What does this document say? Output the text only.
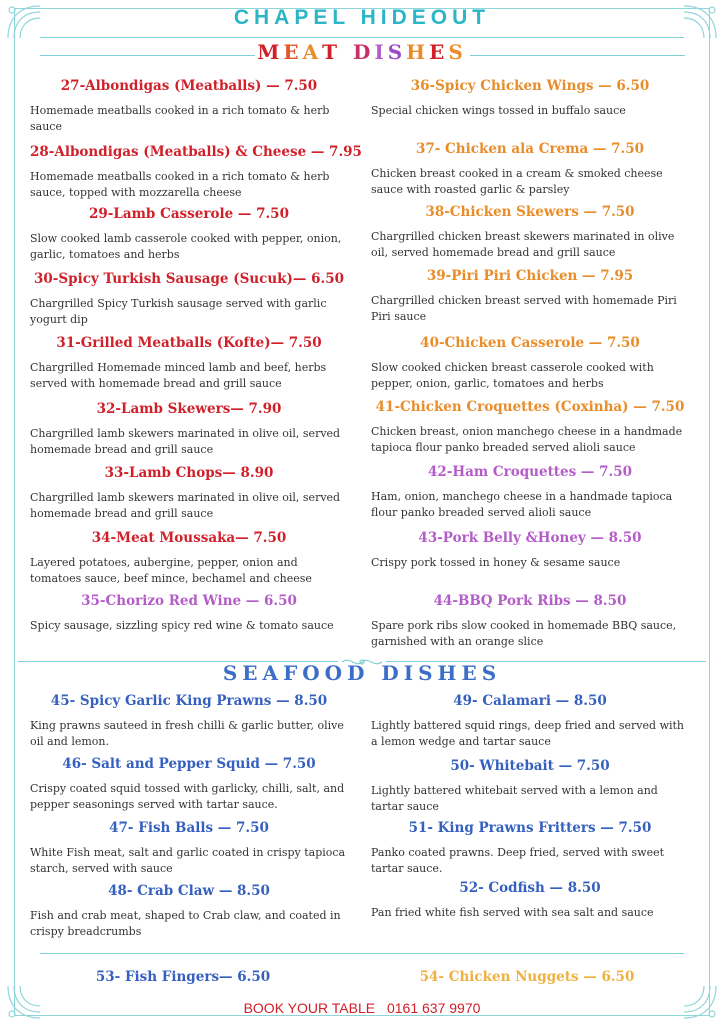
CHAPEL HIDEOUT
MEAT DISHES
27-Albondigas (Meatballs) — 7.50
Homemade meatballs cooked in a rich tomato & herb sauce
28-Albondigas (Meatballs) & Cheese — 7.95
Homemade meatballs cooked in a rich tomato & herb sauce, topped with mozzarella cheese
29-Lamb Casserole — 7.50
Slow cooked lamb casserole cooked with pepper, onion, garlic, tomatoes and herbs
30-Spicy Turkish Sausage (Sucuk)— 6.50
Chargrilled Spicy Turkish sausage served with garlic yogurt dip
31-Grilled Meatballs (Kofte)— 7.50
Chargrilled Homemade minced lamb and beef, herbs served with homemade bread and grill sauce
32-Lamb Skewers— 7.90
Chargrilled lamb skewers marinated in olive oil, served homemade bread and grill sauce
33-Lamb Chops— 8.90
Chargrilled lamb skewers marinated in olive oil, served homemade bread and grill sauce
34-Meat Moussaka— 7.50
Layered potatoes, aubergine, pepper, onion and tomatoes sauce, beef mince, bechamel and cheese
35-Chorizo Red Wine — 6.50
Spicy sausage, sizzling spicy red wine & tomato sauce
36-Spicy Chicken Wings — 6.50
Special chicken wings tossed in buffalo sauce
37- Chicken ala Crema — 7.50
Chicken breast cooked in a cream & smoked cheese sauce with roasted garlic & parsley
38-Chicken Skewers — 7.50
Chargrilled chicken breast skewers marinated in olive oil, served homemade bread and grill sauce
39-Piri Piri Chicken — 7.95
Chargrilled chicken breast served with homemade Piri Piri sauce
40-Chicken Casserole — 7.50
Slow cooked chicken breast casserole cooked with pepper, onion, garlic, tomatoes and herbs
41-Chicken Croquettes (Coxinha) — 7.50
Chicken breast, onion manchego cheese in a handmade tapioca flour panko breaded served alioli sauce
42-Ham Croquettes — 7.50
Ham, onion, manchego cheese in a handmade tapioca flour panko breaded served alioli sauce
43-Pork Belly &Honey — 8.50
Crispy pork tossed in honey & sesame sauce
44-BBQ Pork Ribs — 8.50
Spare pork ribs slow cooked in homemade BBQ sauce, garnished with an orange slice
SEAFOOD DISHES
45- Spicy Garlic King Prawns — 8.50
King prawns sauteed in fresh chilli & garlic butter, olive oil and lemon.
46- Salt and Pepper Squid — 7.50
Crispy coated squid tossed with garlicky, chilli, salt, and pepper seasonings served with tartar sauce.
47- Fish Balls — 7.50
White Fish meat, salt and garlic coated in crispy tapioca starch, served with sauce
48- Crab Claw — 8.50
Fish and crab meat, shaped to Crab claw, and coated in crispy breadcrumbs
49- Calamari — 8.50
Lightly battered squid rings, deep fried and served with a lemon wedge and tartar sauce
50- Whitebait — 7.50
Lightly battered whitebait served with a lemon and tartar sauce
51- King Prawns Fritters — 7.50
Panko coated prawns. Deep fried, served with sweet tartar sauce.
52- Codfish — 8.50
Pan fried white fish served with sea salt and sauce
53- Fish Fingers— 6.50	54- Chicken Nuggets — 6.50
BOOK YOUR TABLE 0161 637 9970
